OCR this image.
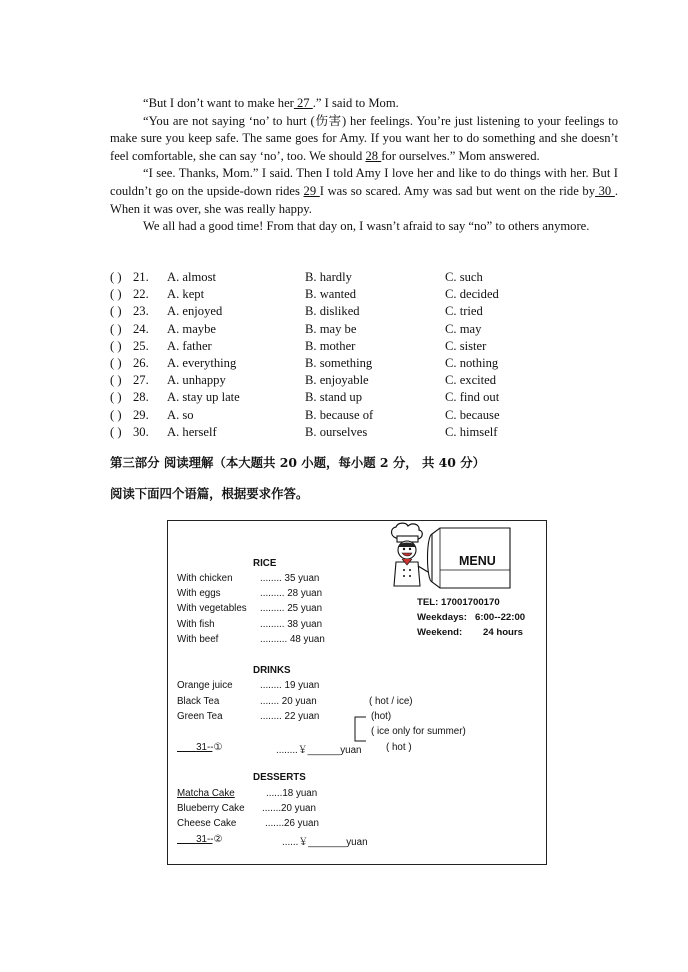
“But I don’t want to make her 27 .” I said to Mom.

“You are not saying ‘no’ to hurt (伤害) her feelings. You’re just listening to your feelings to make sure you keep safe. The same goes for Amy. If you want her to do something and she doesn’t feel comfortable, she can say ‘no’, too. We should 28 for ourselves.” Mom answered.

“I see. Thanks, Mom.” I said. Then I told Amy I love her and like to do things with her. But I couldn’t go on the upside-down rides 29 I was so scared. Amy was sad but went on the ride by 30 . When it was over, she was really happy.

We all had a good time! From that day on, I wasn’t afraid to say “no” to others anymore.

( ) 21. A. almost	B. hardly	C. such
( ) 22. A. kept	B. wanted	C. decided
( ) 23. A. enjoyed	B. disliked	C. tried
( ) 24. A. maybe	B. may be	C. may
( ) 25. A. father	B. mother	C. sister
( ) 26. A. everything	B. something	C. nothing
( ) 27. A. unhappy	B. enjoyable	C. excited
( ) 28. A. stay up late	B. stand up	C. find out
( ) 29. A. so	B. because of	C. because
( ) 30. A. herself	B. ourselves	C. himself
第三部分 阅读理解（本大题共 20 小题，每小题 2 分， 共 40 分）
阅读下面四个语篇，根据要求作答。
MENU
TEL: 17001700170
Weekdays: 6:00--22:00
Weekend: 24 hours
RICE
With chicken	........ 35 yuan
With eggs	......... 28 yuan
With vegetables ......... 25 yuan
With fish	......... 38 yuan
With beef	.......... 48 yuan
DRINKS
Orange juice	........ 19 yuan
Black Tea	....... 20 yuan
Green Tea	........ 22 yuan
( hot / ice)
(hot)
( ice only for summer)

31--①
	........￥______yuan ( hot )
DESSERTS
Matcha Cake	......18 yuan
Blueberry Cake .......20 yuan
Cheese Cake	.......26 yuan

31--②
	......￥_______yuan
